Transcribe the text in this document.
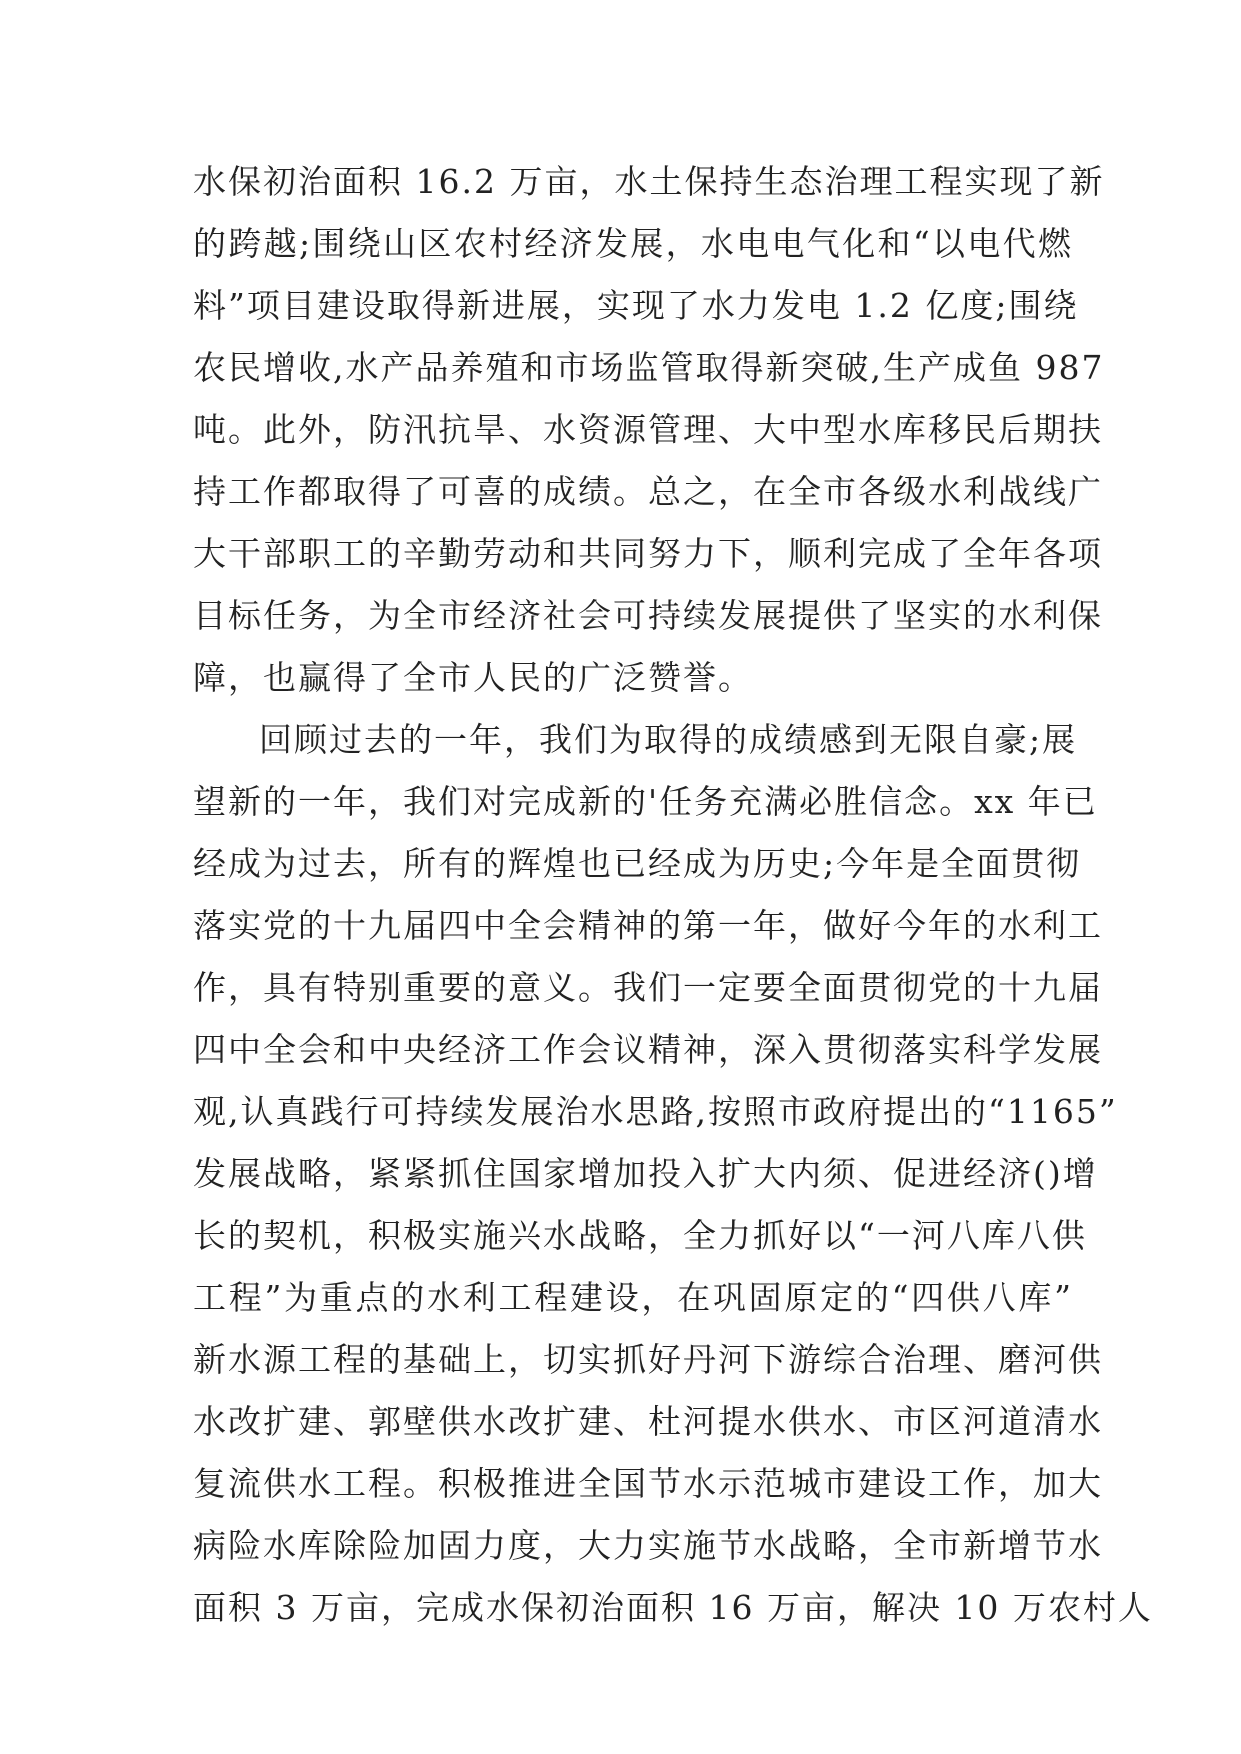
水保初治面积 16.2 万亩，水土保持生态治理工程实现了新
的跨越;围绕山区农村经济发展，水电电气化和“以电代燃
料”项目建设取得新进展，实现了水力发电 1.2 亿度;围绕
农民增收,水产品养殖和市场监管取得新突破,生产成鱼 987
吨。此外，防汛抗旱、水资源管理、大中型水库移民后期扶
持工作都取得了可喜的成绩。总之，在全市各级水利战线广
大干部职工的辛勤劳动和共同努力下，顺利完成了全年各项
目标任务，为全市经济社会可持续发展提供了坚实的水利保
障，也赢得了全市人民的广泛赞誉。
回顾过去的一年，我们为取得的成绩感到无限自豪;展
望新的一年，我们对完成新的'任务充满必胜信念。xx 年已
经成为过去，所有的辉煌也已经成为历史;今年是全面贯彻
落实党的十九届四中全会精神的第一年，做好今年的水利工
作，具有特别重要的意义。我们一定要全面贯彻党的十九届
四中全会和中央经济工作会议精神，深入贯彻落实科学发展
观,认真践行可持续发展治水思路,按照市政府提出的“1165”
发展战略，紧紧抓住国家增加投入扩大内须、促进经济()增
长的契机，积极实施兴水战略，全力抓好以“一河八库八供
工程”为重点的水利工程建设，在巩固原定的“四供八库”
新水源工程的基础上，切实抓好丹河下游综合治理、磨河供
水改扩建、郭壁供水改扩建、杜河提水供水、市区河道清水
复流供水工程。积极推进全国节水示范城市建设工作，加大
病险水库除险加固力度，大力实施节水战略，全市新增节水
面积 3 万亩，完成水保初治面积 16 万亩，解决 10 万农村人
